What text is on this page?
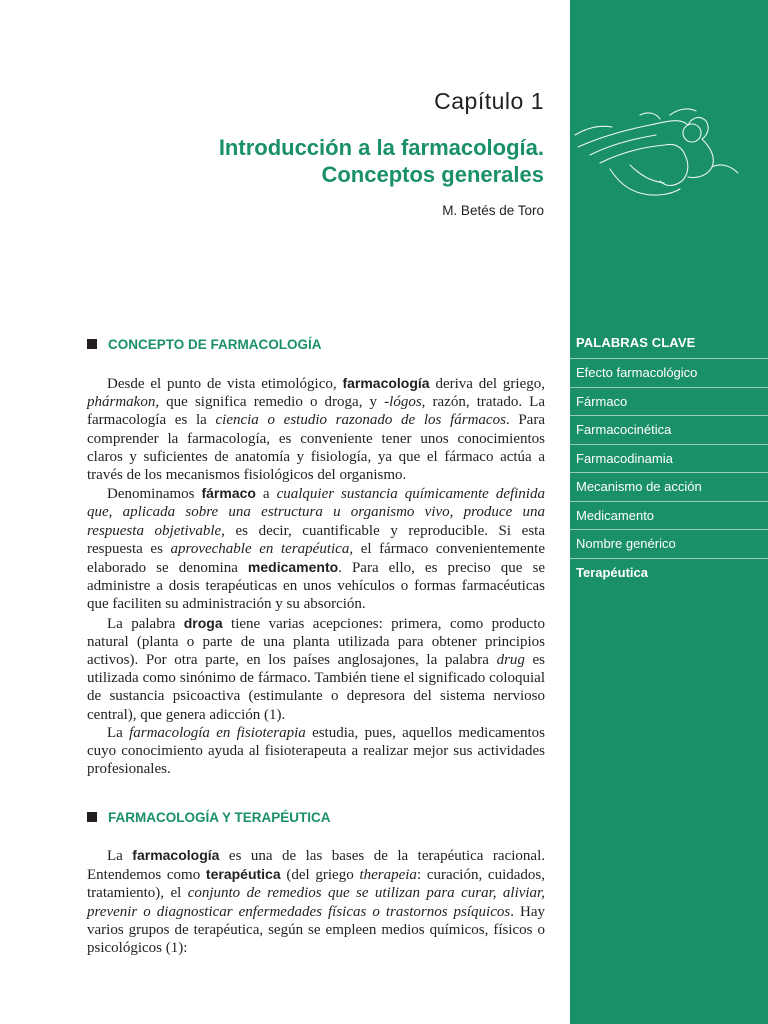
PALABRAS CLAVE
Efecto farmacológico
Fármaco
Farmacocinética
Farmacodinamia
Mecanismo de acción
Medicamento
Nombre genérico
Terapéutica
Capítulo 1
Introducción a la farmacología.
Conceptos generales
M. Betés de Toro
CONCEPTO DE FARMACOLOGÍA

Desde el punto de vista etimológico, farmacología deriva del griego, phármakon, que significa remedio o droga, y -lógos, razón, tratado. La farmacología es la ciencia o estudio razonado de los fármacos. Para comprender la farmacología, es conveniente tener unos conocimientos claros y suficientes de anatomía y fisiología, ya que el fármaco actúa a través de los mecanismos fisiológicos del organismo.

Denominamos fármaco a cualquier sustancia químicamente definida que, aplicada sobre una estructura u organismo vivo, produce una respuesta objetivable, es decir, cuantificable y reproducible. Si esta respuesta es aprovechable en terapéutica, el fármaco convenientemente elaborado se denomina medicamento. Para ello, es preciso que se administre a dosis terapéuticas en unos vehículos o formas farmacéuticas que faciliten su administración y su absorción.

La palabra droga tiene varias acepciones: primera, como producto natural (planta o parte de una planta utilizada para obtener principios activos). Por otra parte, en los países anglosajones, la palabra drug es utilizada como sinónimo de fármaco. También tiene el significado coloquial de sustancia psicoactiva (estimulante o depresora del sistema nervioso central), que genera adicción (1).

La farmacología en fisioterapia estudia, pues, aquellos medicamentos cuyo conocimiento ayuda al fisioterapeuta a realizar mejor sus actividades profesionales.

FARMACOLOGÍA Y TERAPÉUTICA

La farmacología es una de las bases de la terapéutica racional. Entendemos como terapéutica (del griego therapeia: curación, cuidados, tratamiento), el conjunto de remedios que se utilizan para curar, aliviar, prevenir o diagnosticar enfermedades físicas o trastornos psíquicos. Hay varios grupos de terapéutica, según se empleen medios químicos, físicos o psicológicos (1):
